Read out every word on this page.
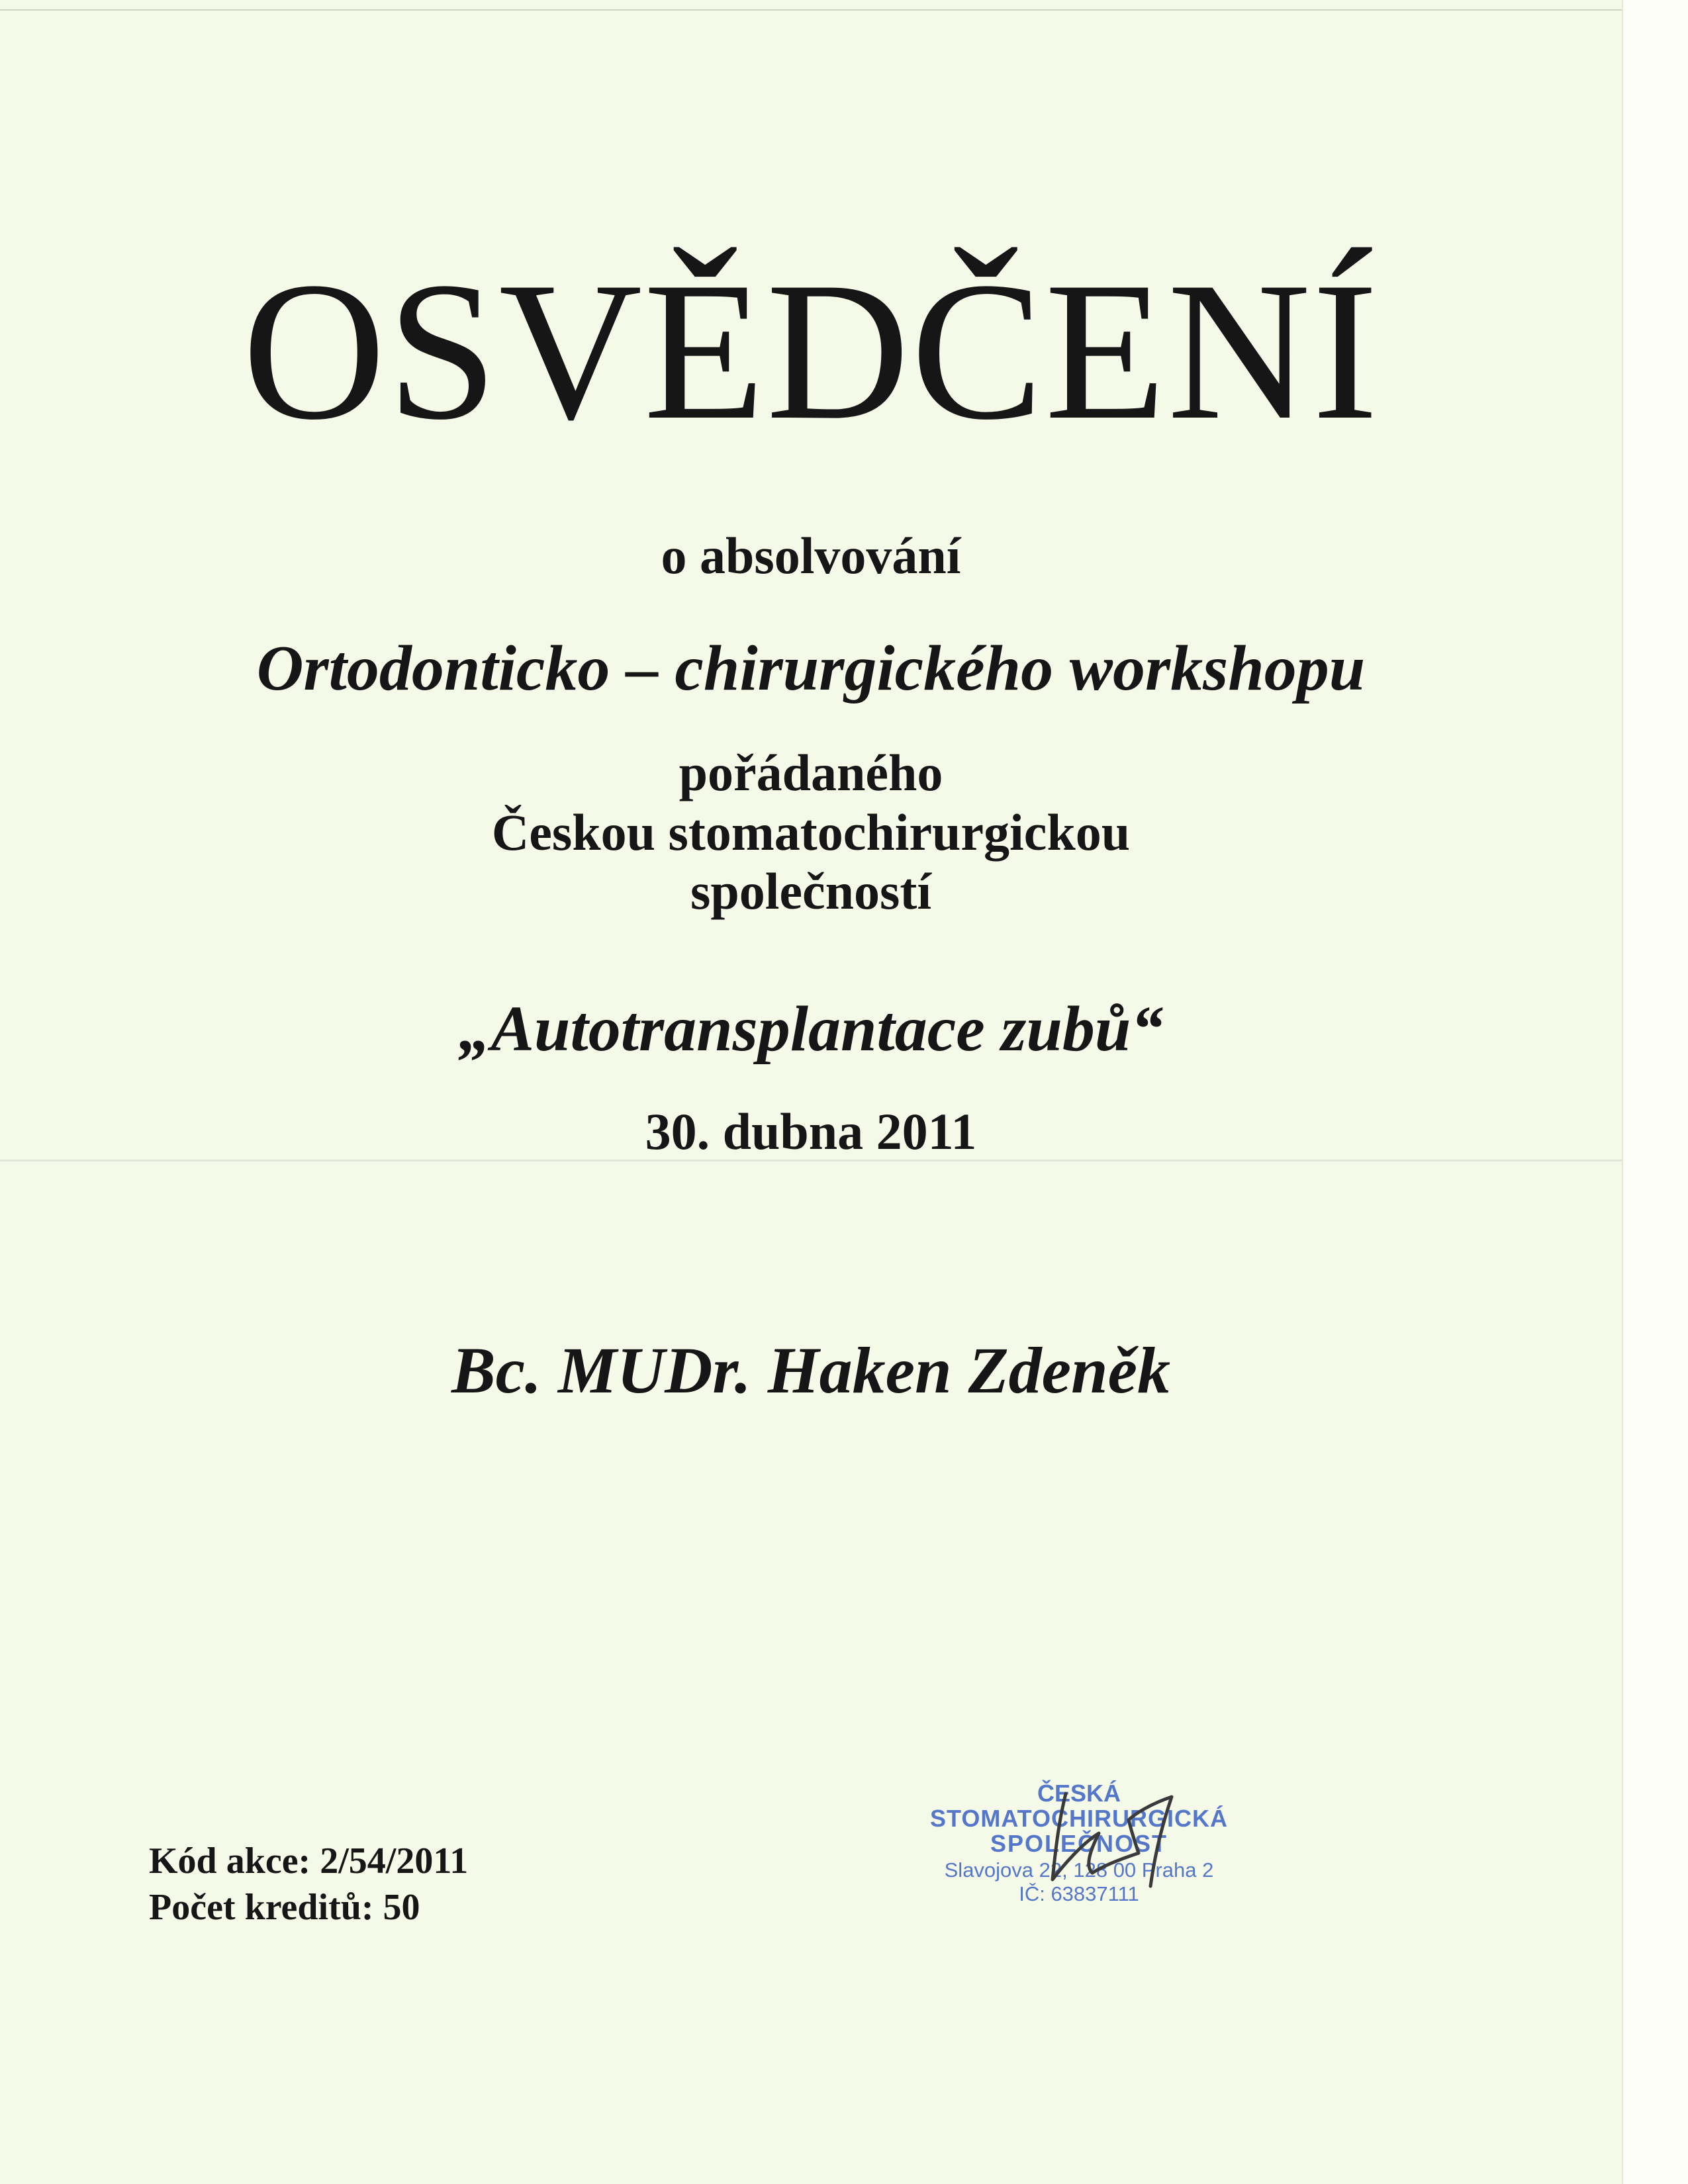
OSVĚDČENÍ
o absolvování
Ortodonticko – chirurgického workshopu
pořádaného
Českou stomatochirurgickou
společností
„Autotransplantace zubů“
30. dubna 2011
Bc. MUDr. Haken Zdeněk
Kód akce: 2/54/2011
Počet kreditů: 50
ČESKÁ
STOMATOCHIRURGICKÁ
SPOLEČNOST
Slavojova 22, 128 00 Praha 2
IČ: 63837111
